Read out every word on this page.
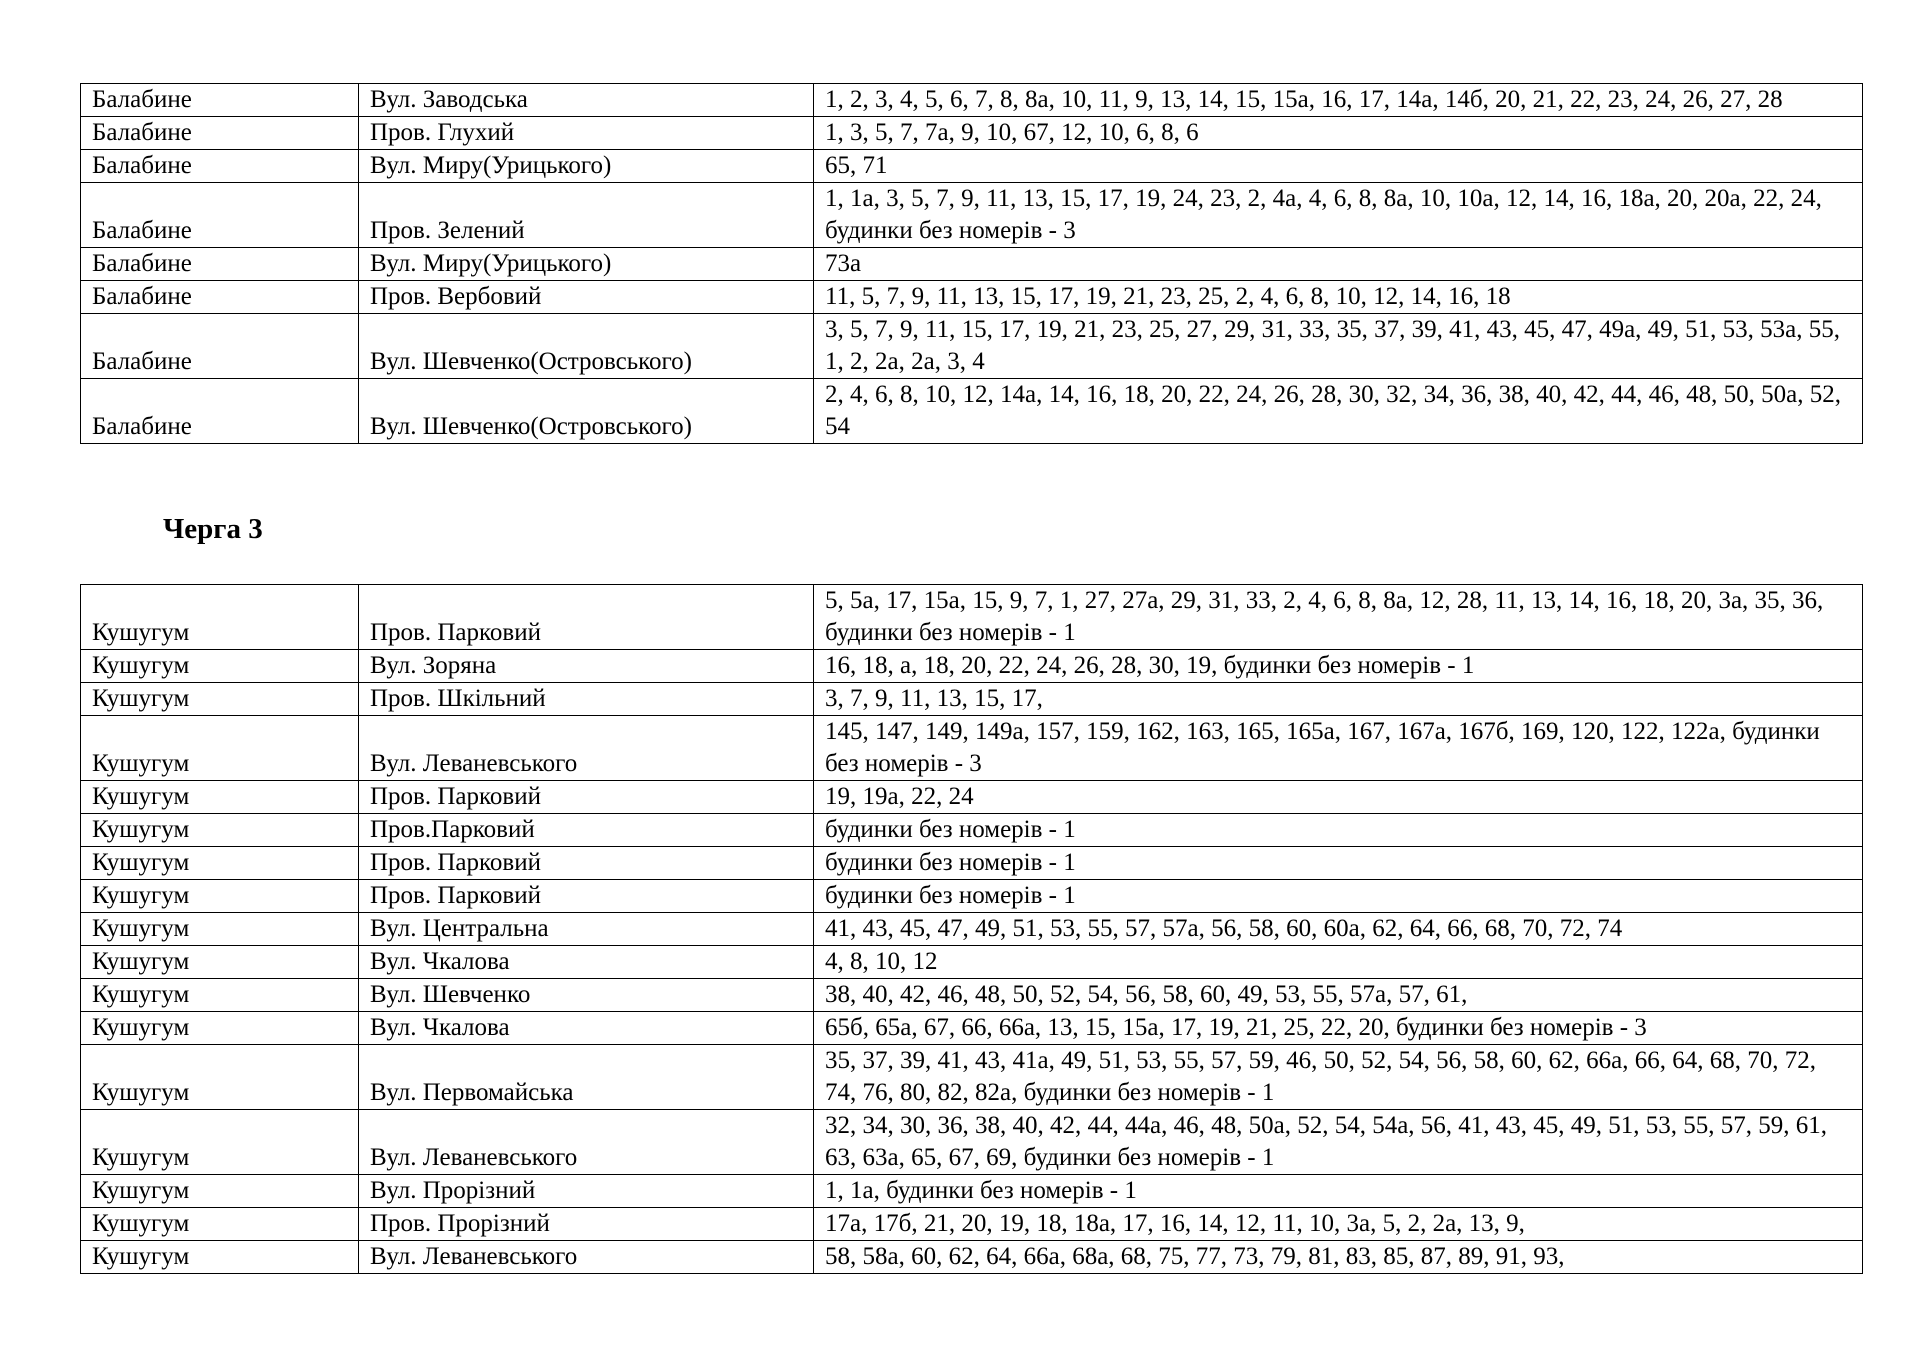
Балабине	Вул. Заводська	1, 2, 3, 4, 5, 6, 7, 8, 8а, 10, 11, 9, 13, 14, 15, 15а, 16, 17, 14а, 14б, 20, 21, 22, 23, 24, 26, 27, 28
Балабине	Пров. Глухий	1, 3, 5, 7, 7а, 9, 10, 67, 12, 10, 6, 8, 6
Балабине	Вул. Миру(Урицького)	65, 71
Балабине	Пров. Зелений	1, 1а, 3, 5, 7, 9, 11, 13, 15, 17, 19, 24, 23, 2, 4а, 4, 6, 8, 8а, 10, 10а, 12, 14, 16, 18а, 20, 20а, 22, 24, будинки без номерів - 3
Балабине	Вул. Миру(Урицького)	73а
Балабине	Пров. Вербовий	11, 5, 7, 9, 11, 13, 15, 17, 19, 21, 23, 25, 2, 4, 6, 8, 10, 12, 14, 16, 18
Балабине	Вул. Шевченко(Островського)	3, 5, 7, 9, 11, 15, 17, 19, 21, 23, 25, 27, 29, 31, 33, 35, 37, 39, 41, 43, 45, 47, 49а, 49, 51, 53, 53а, 55, 1, 2, 2а, 2а, 3, 4
Балабине	Вул. Шевченко(Островського)	2, 4, 6, 8, 10, 12, 14а, 14, 16, 18, 20, 22, 24, 26, 28, 30, 32, 34, 36, 38, 40, 42, 44, 46, 48, 50, 50а, 52, 54
Черга 3
Кушугум	Пров. Парковий	5, 5а, 17, 15а, 15, 9, 7, 1, 27, 27а, 29, 31, 33, 2, 4, 6, 8, 8а, 12, 28, 11, 13, 14, 16, 18, 20, 3а, 35, 36, будинки без номерів - 1
Кушугум	Вул. Зоряна	16, 18, а, 18, 20, 22, 24, 26, 28, 30, 19, будинки без номерів - 1
Кушугум	Пров. Шкільний	3, 7, 9, 11, 13, 15, 17,
Кушугум	Вул. Леваневського	145, 147, 149, 149а, 157, 159, 162, 163, 165, 165а, 167, 167а, 167б, 169, 120, 122, 122а, будинки без номерів - 3
Кушугум	Пров. Парковий	19, 19а, 22, 24
Кушугум	Пров.Парковий	будинки без номерів - 1
Кушугум	Пров. Парковий	будинки без номерів - 1
Кушугум	Пров. Парковий	будинки без номерів - 1
Кушугум	Вул. Центральна	41, 43, 45, 47, 49, 51, 53, 55, 57, 57а, 56, 58, 60, 60а, 62, 64, 66, 68, 70, 72, 74
Кушугум	Вул. Чкалова	4, 8, 10, 12
Кушугум	Вул. Шевченко	38, 40, 42, 46, 48, 50, 52, 54, 56, 58, 60, 49, 53, 55, 57а, 57, 61,
Кушугум	Вул. Чкалова	65б, 65а, 67, 66, 66а, 13, 15, 15а, 17, 19, 21, 25, 22, 20, будинки без номерів - 3
Кушугум	Вул. Первомайська	35, 37, 39, 41, 43, 41а, 49, 51, 53, 55, 57, 59, 46, 50, 52, 54, 56, 58, 60, 62, 66а, 66, 64, 68, 70, 72, 74, 76, 80, 82, 82а, будинки без номерів - 1
Кушугум	Вул. Леваневського	32, 34, 30, 36, 38, 40, 42, 44, 44а, 46, 48, 50а, 52, 54, 54а, 56, 41, 43, 45, 49, 51, 53, 55, 57, 59, 61, 63, 63а, 65, 67, 69, будинки без номерів - 1
Кушугум	Вул. Прорізний	1, 1а, будинки без номерів - 1
Кушугум	Пров. Прорізний	17а, 17б, 21, 20, 19, 18, 18а, 17, 16, 14, 12, 11, 10, 3а, 5, 2, 2а, 13, 9,
Кушугум	Вул. Леваневського	58, 58а, 60, 62, 64, 66а, 68а, 68, 75, 77, 73, 79, 81, 83, 85, 87, 89, 91, 93,
